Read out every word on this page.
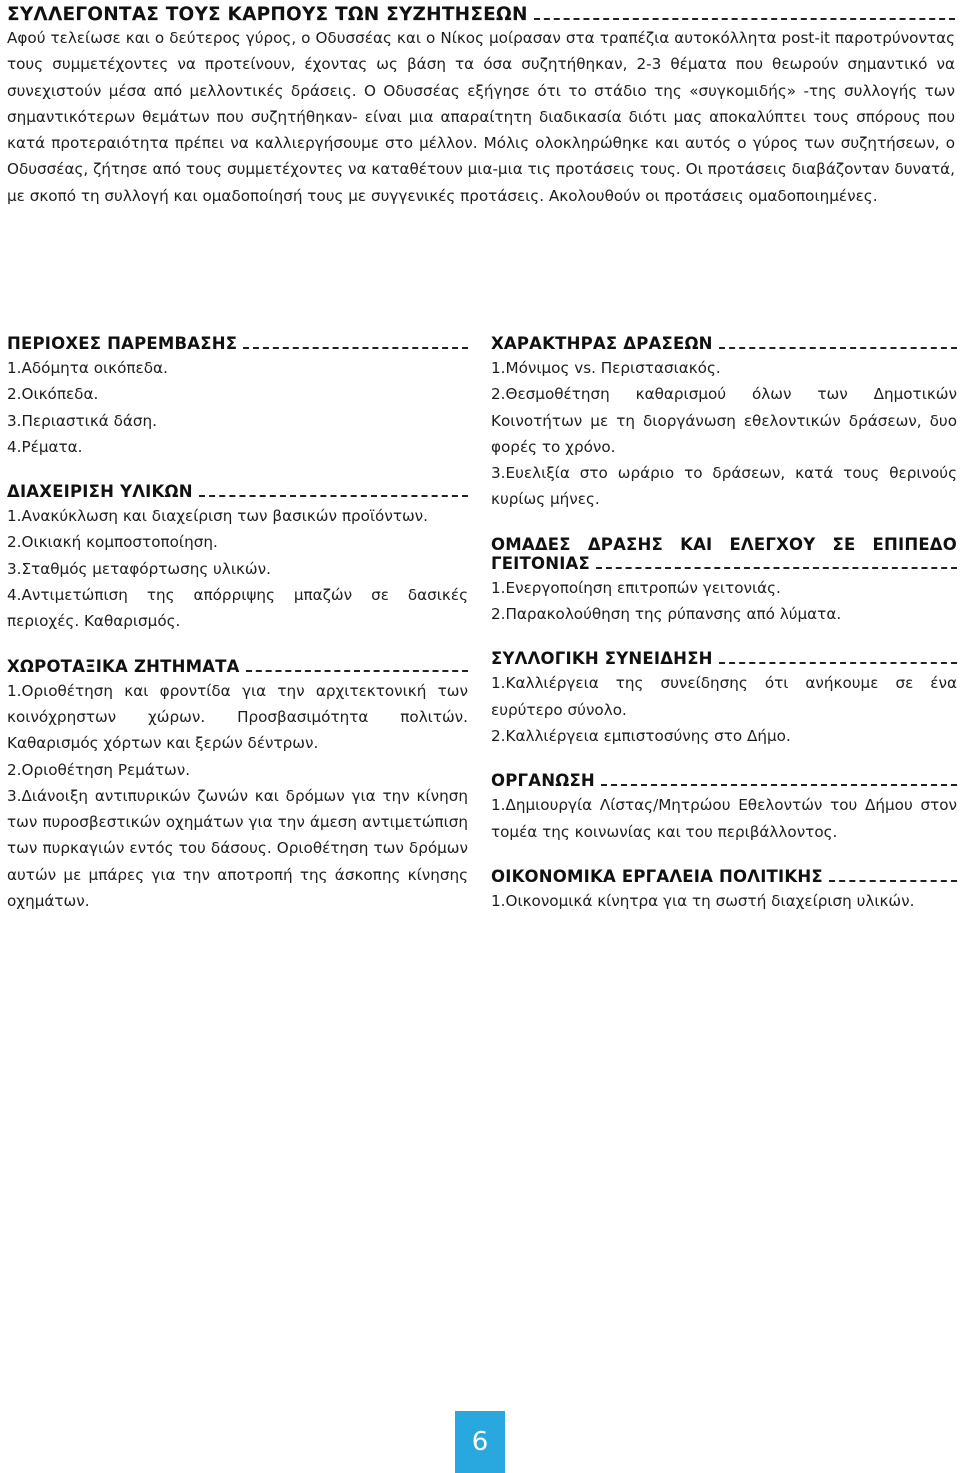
ΣΥΛΛΕΓΟΝΤΑΣ ΤΟΥΣ ΚΑΡΠΟΥΣ ΤΩΝ ΣΥΖΗΤΗΣΕΩΝ

Αφού τελείωσε και ο δεύτερος γύρος, ο Οδυσσέας και ο Νίκος μοίρασαν στα τραπέζια αυτοκόλλητα post-it παροτρύνοντας τους συμμετέχοντες να προτείνουν, έχοντας ως βάση τα όσα συζητήθηκαν, 2-3 θέματα που θεωρούν σημαντικό να συνεχιστούν μέσα από μελλοντικές δράσεις. Ο Οδυσσέας εξήγησε ότι το στάδιο της «συγκομιδής» -της συλλογής των σημαντικότερων θεμάτων που συζητήθηκαν- είναι μια απαραίτητη διαδικασία διότι μας αποκαλύπτει τους σπόρους που κατά προτεραιότητα πρέπει να καλλιεργήσουμε στο μέλλον. Μόλις ολοκληρώθηκε και αυτός ο γύρος των συζητήσεων, ο Οδυσσέας, ζήτησε από τους συμμετέχοντες να καταθέτουν μια-μια τις προτάσεις τους. Οι προτάσεις διαβάζονταν δυνατά, με σκοπό τη συλλογή και ομαδοποίησή τους με συγγενικές προτάσεις. Ακολουθούν οι προτάσεις ομαδοποιημένες.

ΠΕΡΙΟΧΕΣ ΠΑΡΕΜΒΑΣΗΣ
1.Αδόμητα οικόπεδα.
2.Οικόπεδα.
3.Περιαστικά δάση.
4.Ρέματα.
ΔΙΑΧΕΙΡΙΣΗ ΥΛΙΚΩΝ
1.Ανακύκλωση και διαχείριση των βασικών προϊόντων.
2.Οικιακή κομποστοποίηση.
3.Σταθμός μεταφόρτωσης υλικών.
4.Αντιμετώπιση της απόρριψης μπαζών σε δασικές περιοχές. Καθαρισμός.
ΧΩΡΟΤΑΞΙΚΑ ΖΗΤΗΜΑΤΑ
1.Οριοθέτηση και φροντίδα για την αρχιτεκτονική των κοινόχρηστων χώρων. Προσβασιμότητα πολιτών. Καθαρισμός χόρτων και ξερών δέντρων.
2.Οριοθέτηση Ρεμάτων.
3.Διάνοιξη αντιπυρικών ζωνών και δρόμων για την κίνηση των πυροσβεστικών οχημάτων για την άμεση αντιμετώπιση των πυρκαγιών εντός του δάσους. Οριοθέτηση των δρόμων αυτών με μπάρες για την αποτροπή της άσκοπης κίνησης οχημάτων.
ΧΑΡΑΚΤΗΡΑΣ ΔΡΑΣΕΩΝ
1.Μόνιμος vs. Περιστασιακός.
2.Θεσμοθέτηση καθαρισμού όλων των Δημοτικών Κοινοτήτων με τη διοργάνωση εθελοντικών δράσεων, δυο φορές το χρόνο.
3.Ευελιξία στο ωράριο το δράσεων, κατά τους θερινούς κυρίως μήνες.
ΟΜΑΔΕΣ ΔΡΑΣΗΣ ΚΑΙ ΕΛΕΓΧΟΥ ΣΕ ΕΠΙΠΕΔΟ
ΓΕΙΤΟΝΙΑΣ
1.Ενεργοποίηση επιτροπών γειτονιάς.
2.Παρακολούθηση της ρύπανσης από λύματα.
ΣΥΛΛΟΓΙΚΗ ΣΥΝΕΙΔΗΣΗ
1.Καλλιέργεια της συνείδησης ότι ανήκουμε σε ένα ευρύτερο σύνολο.
2.Καλλιέργεια εμπιστοσύνης στο Δήμο.
ΟΡΓΑΝΩΣΗ
1.Δημιουργία Λίστας/Μητρώου Εθελοντών του Δήμου στον τομέα της κοινωνίας και του περιβάλλοντος.
ΟΙΚΟΝΟΜΙΚΑ ΕΡΓΑΛΕΙΑ ΠΟΛΙΤΙΚΗΣ
1.Οικονομικά κίνητρα για τη σωστή διαχείριση υλικών.
6
